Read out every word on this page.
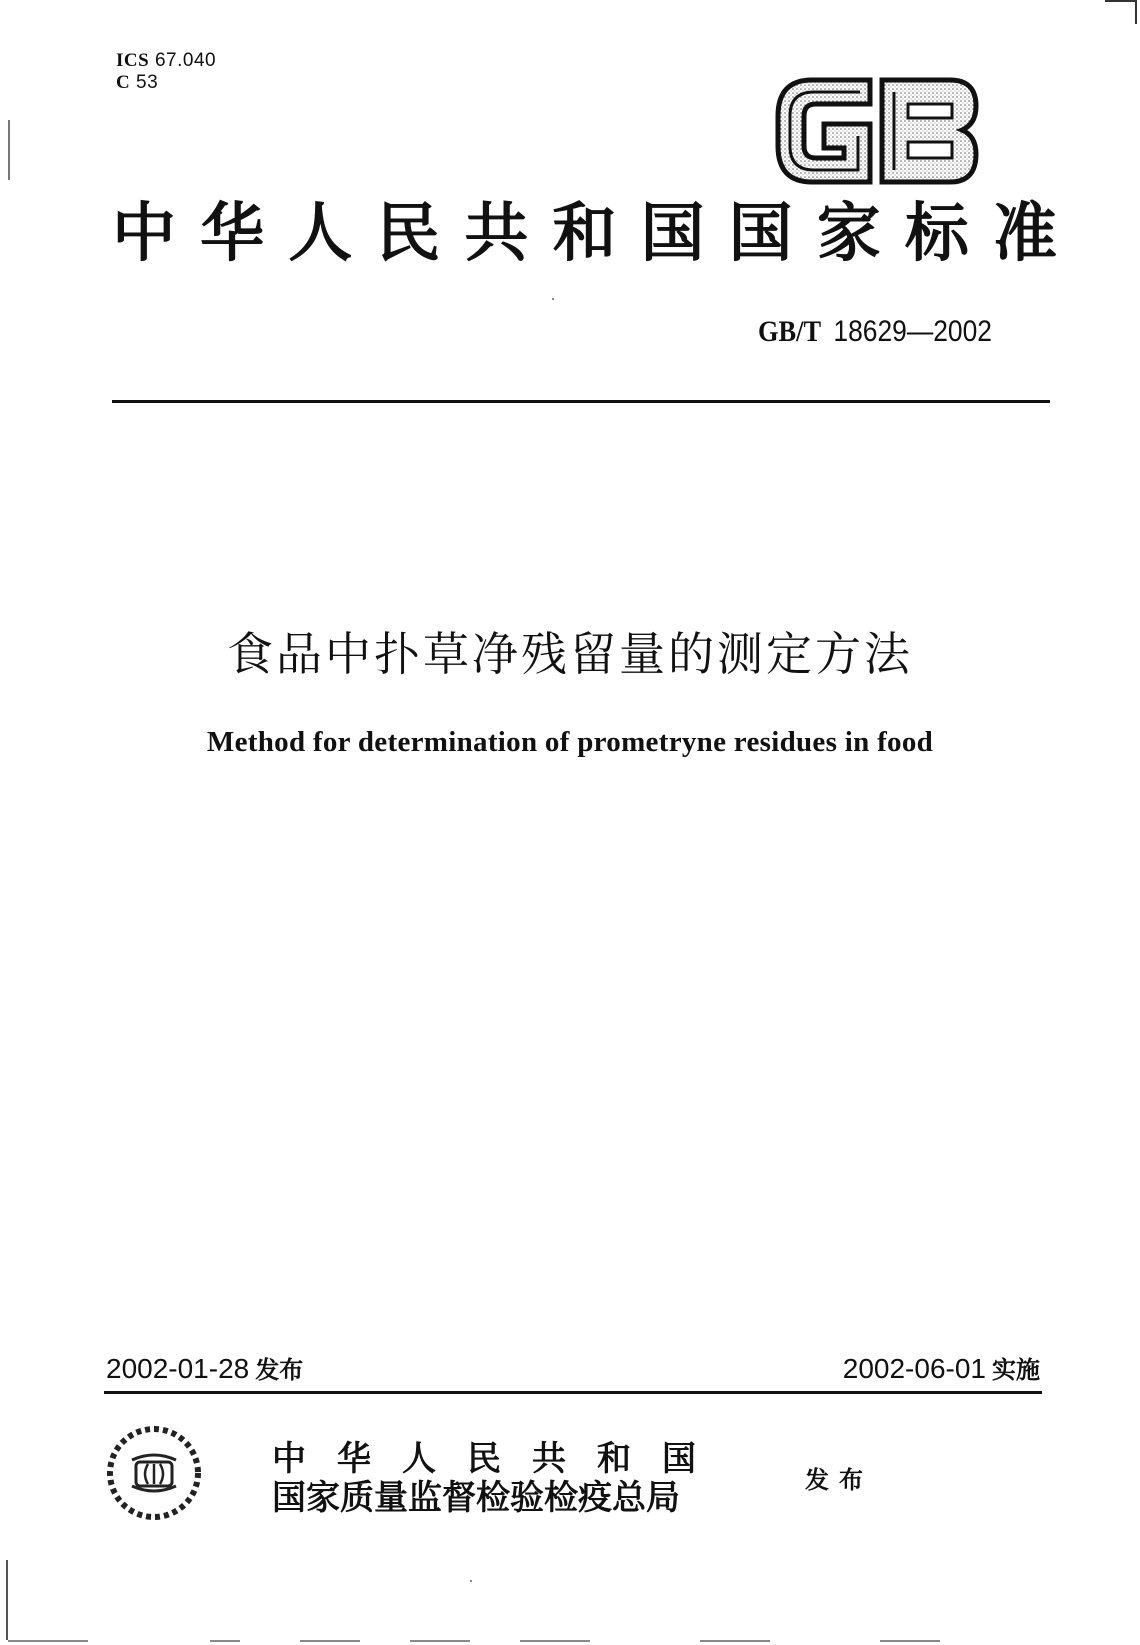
ICS 67.040
C 53
中 华 人 民 共 和 国 国 家 标 准
GB/T 18629—2002
食品中扑草净残留量的测定方法
Method for determination of prometryne residues in food
2002-01-28 发布	2002-06-01 实施
中华人民共和国
国家质量监督检验检疫总局	发布
